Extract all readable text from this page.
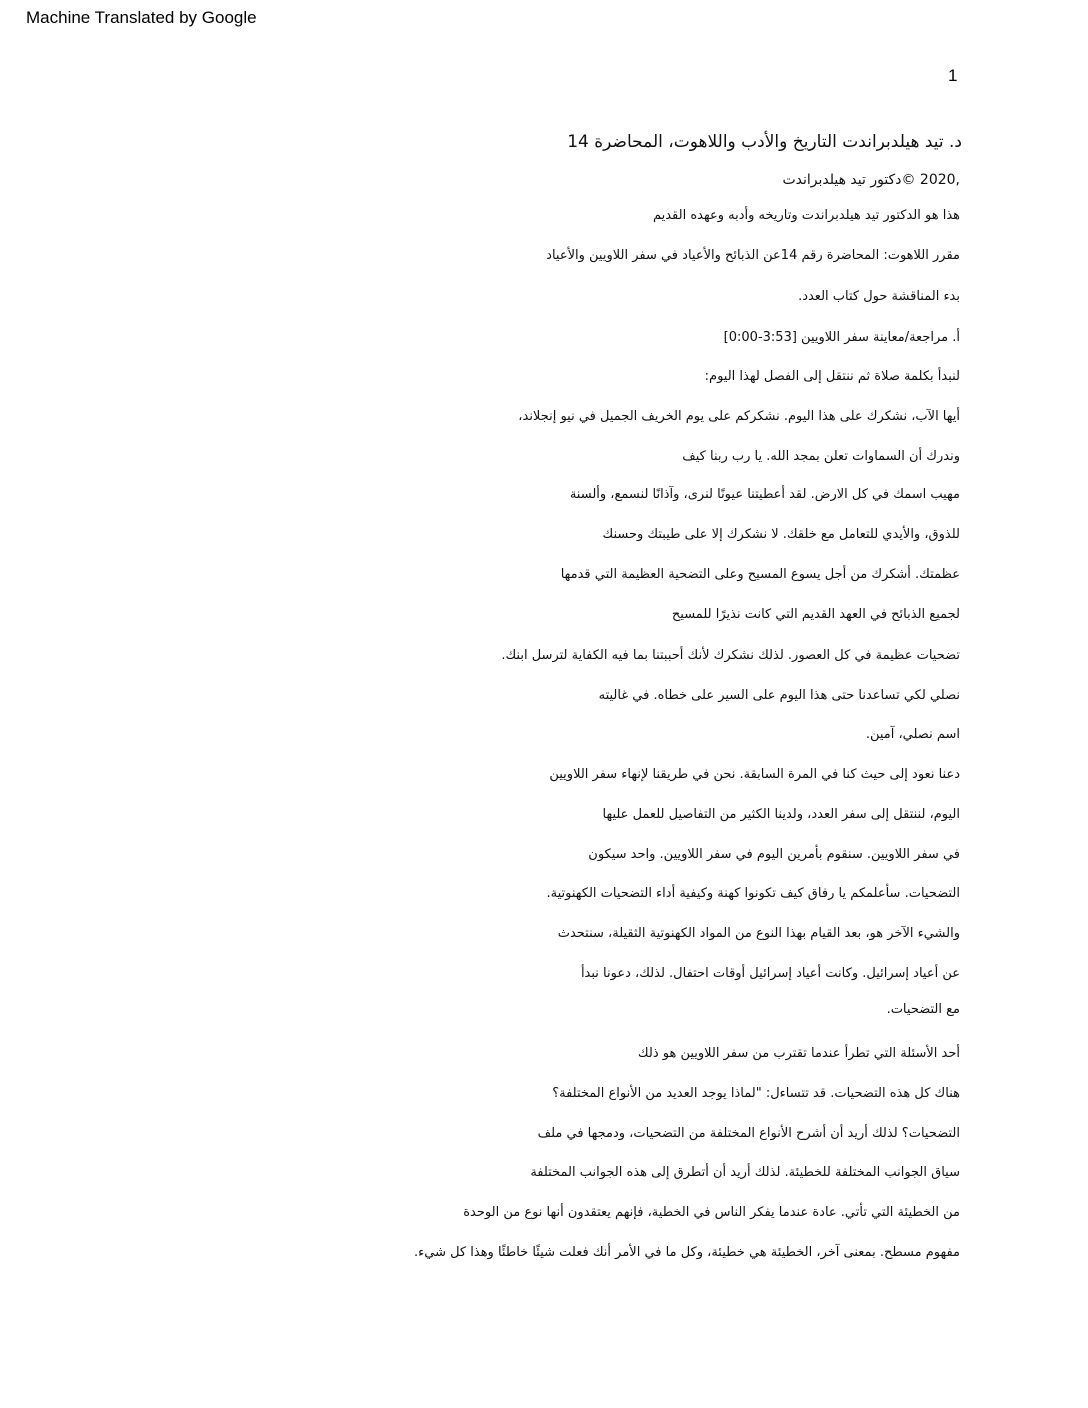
Machine Translated by Google
1
د. تيد هيلدبراندت التاريخ والأدب واللاهوت، المحاضرة 14
,2020 ©دكتور تيد هيلدبراندت
هذا هو الدكتور تيد هيلدبراندت وتاريخه وأدبه وعهده القديم
مقرر اللاهوت: المحاضرة رقم 14عن الذبائح والأعياد في سفر اللاويين والأعياد
بدء المناقشة حول كتاب العدد.
أ. مراجعة/معاينة سفر اللاويين [3:53-0:00]
لنبدأ بكلمة صلاة ثم ننتقل إلى الفصل لهذا اليوم:
أيها الآب، نشكرك على هذا اليوم. نشكركم على يوم الخريف الجميل في نيو إنجلاند،
وندرك أن السماوات تعلن بمجد الله. يا رب ربنا كيف
مهيب اسمك في كل الارض. لقد أعطيتنا عيونًا لنرى، وآذانًا لنسمع، وألسنة
للذوق، والأيدي للتعامل مع خلقك. لا نشكرك إلا على طيبتك وحسنك
عظمتك. أشكرك من أجل يسوع المسيح وعلى التضحية العظيمة التي قدمها
لجميع الذبائح في العهد القديم التي كانت نذيرًا للمسيح
تضحيات عظيمة في كل العصور. لذلك نشكرك لأنك أحببتنا بما فيه الكفاية لترسل ابنك.
نصلي لكي تساعدنا حتى هذا اليوم على السير على خطاه. في غاليته
اسم نصلي، آمين.
دعنا نعود إلى حيث كنا في المرة السابقة. نحن في طريقنا لإنهاء سفر اللاويين
اليوم، لننتقل إلى سفر العدد، ولدينا الكثير من التفاصيل للعمل عليها
في سفر اللاويين. سنقوم بأمرين اليوم في سفر اللاويين. واحد سيكون
التضحيات. سأعلمكم يا رفاق كيف تكونوا كهنة وكيفية أداء التضحيات الكهنوتية.
والشيء الآخر هو، بعد القيام بهذا النوع من المواد الكهنوتية الثقيلة، سنتحدث
عن أعياد إسرائيل. وكانت أعياد إسرائيل أوقات احتفال. لذلك، دعونا نبدأ
مع التضحيات.
أحد الأسئلة التي تطرأ عندما تقترب من سفر اللاويين هو ذلك
هناك كل هذه التضحيات. قد تتساءل: "لماذا يوجد العديد من الأنواع المختلفة؟
التضحيات؟ لذلك أريد أن أشرح الأنواع المختلفة من التضحيات، ودمجها في ملف
سياق الجوانب المختلفة للخطيئة. لذلك أريد أن أتطرق إلى هذه الجوانب المختلفة
من الخطيئة التي تأتي. عادة عندما يفكر الناس في الخطية، فإنهم يعتقدون أنها نوع من الوحدة
مفهوم مسطح. بمعنى آخر، الخطيئة هي خطيئة، وكل ما في الأمر أنك فعلت شيئًا خاطئًا وهذا كل شيء.
